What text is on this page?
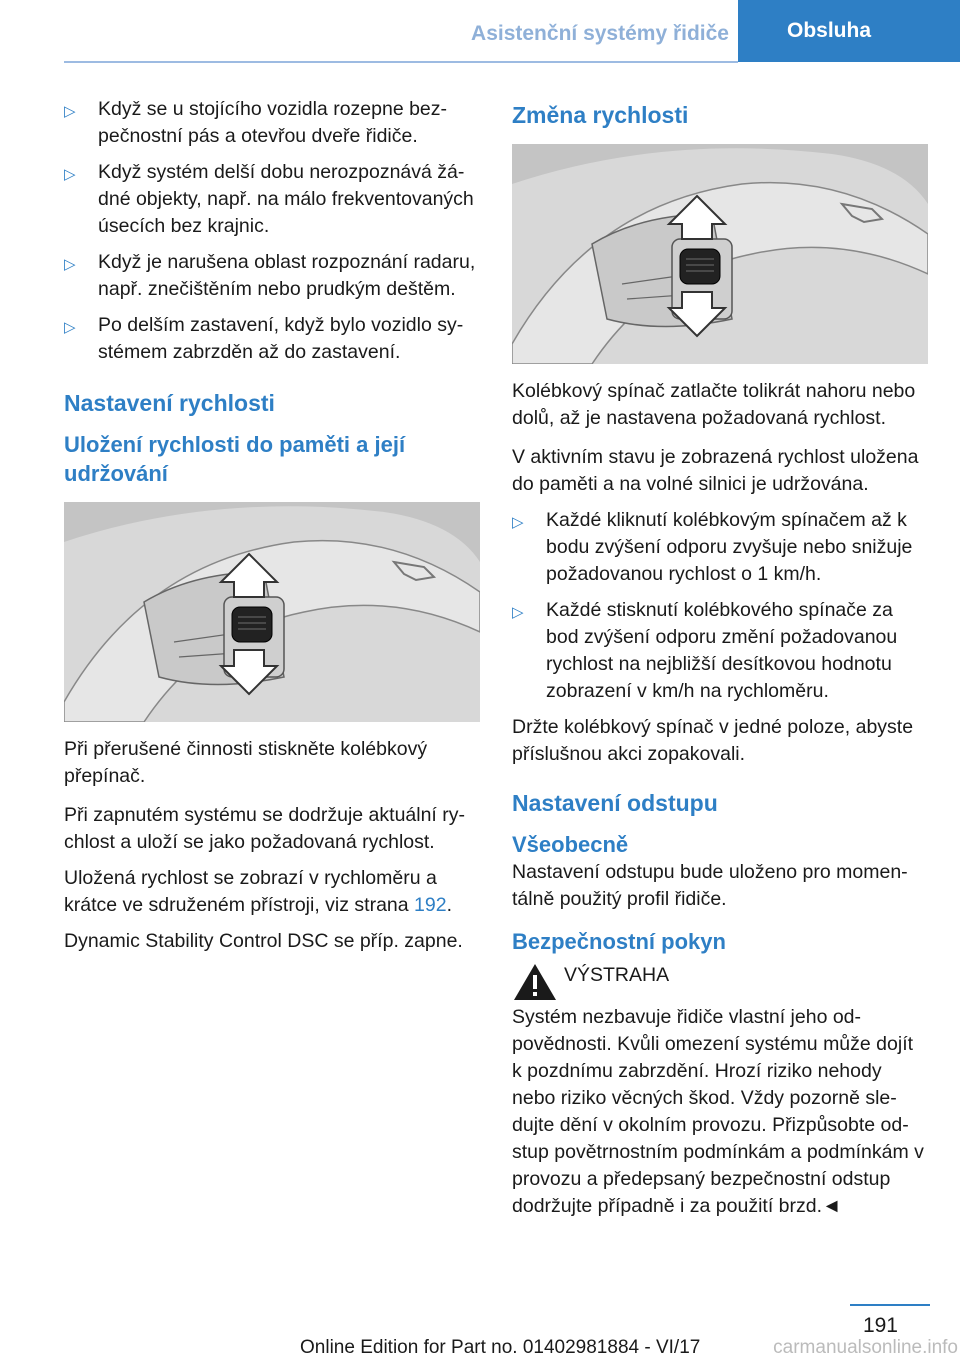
Asistenční systémy řidiče	Obsluha
▷	Když se u stojícího vozidla rozepne bezpečnostní pás a otevřou dveře řidiče.
▷	Když systém delší dobu nerozpoznává žádné objekty, např. na málo frekventovaných úsecích bez krajnic.
▷	Když je narušena oblast rozpoznání radaru, např. znečištěním nebo prudkým deštěm.
▷	Po delším zastavení, když bylo vozidlo systémem zabrzděn až do zastavení.
Nastavení rychlosti
Uložení rychlosti do paměti a její udržování

Při přerušené činnosti stiskněte kolébkový přepínač.

Při zapnutém systému se dodržuje aktuální rychlost a uloží se jako požadovaná rychlost.

Uložená rychlost se zobrazí v rychloměru a krátce ve sdruženém přístroji, viz strana 192.

Dynamic Stability Control DSC se příp. zapne.

Změna rychlosti

Kolébkový spínač zatlačte tolikrát nahoru nebo dolů, až je nastavena požadovaná rychlost.

V aktivním stavu je zobrazená rychlost uložena do paměti a na volné silnici je udržována.

▷	Každé kliknutí kolébkovým spínačem až k bodu zvýšení odporu zvyšuje nebo snižuje požadovanou rychlost o 1 km/h.
▷	Každé stisknutí kolébkového spínače za bod zvýšení odporu změní požadovanou rychlost na nejbližší desítkovou hodnotu zobrazení v km/h na rychloměru.

Držte kolébkový spínač v jedné poloze, abyste příslušnou akci zopakovali.

Nastavení odstupu
Všeobecně

Nastavení odstupu bude uloženo pro momentálně použitý profil řidiče.

Bezpečnostní pokyn

VÝSTRAHA

Systém nezbavuje řidiče vlastní jeho odpovědnosti. Kvůli omezení systému může dojít k pozdnímu zabrzdění. Hrozí riziko nehody nebo riziko věcných škod. Vždy pozorně sledujte dění v okolním provozu. Přizpůsobte odstup povětrnostním podmínkám a podmínkám v provozu a předepsaný bezpečnostní odstup dodržujte případně i za použití brzd.◄

191
Online Edition for Part no. 01402981884 - VI/17	carmanualsonline.info
